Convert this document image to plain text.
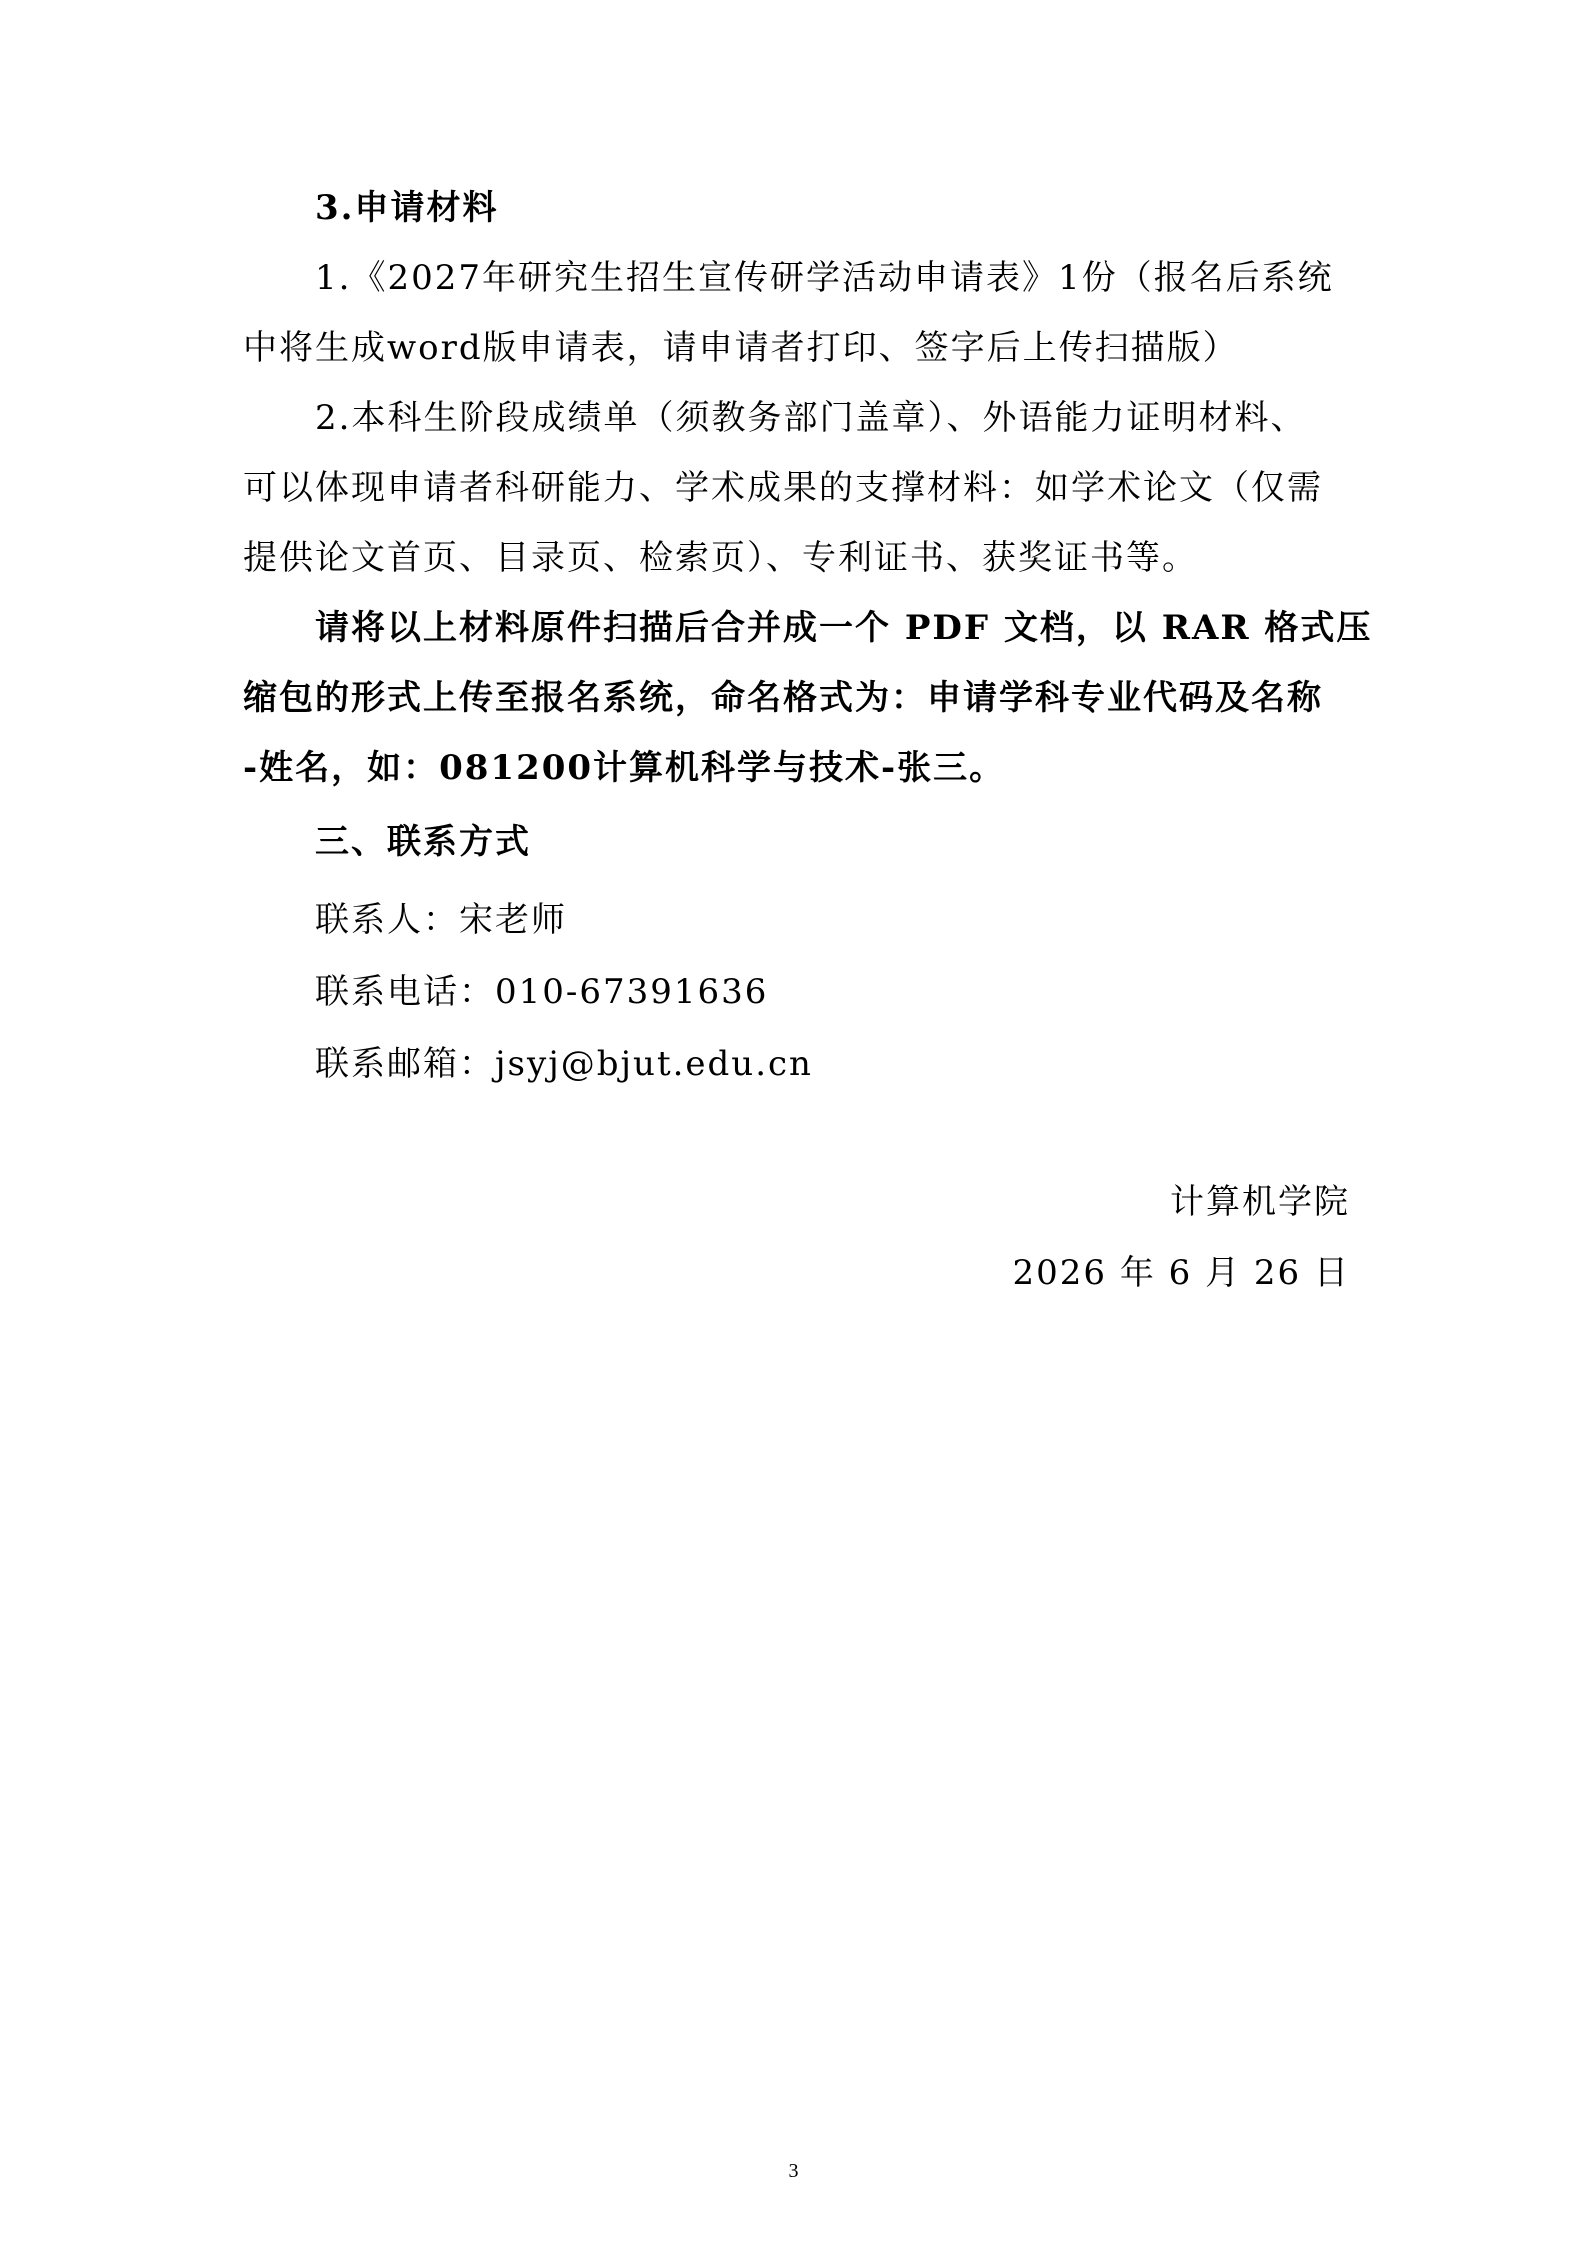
3.申请材料

1.《2027年研究生招生宣传研学活动申请表》1份（报名后系统

中将生成word版申请表，请申请者打印、签字后上传扫描版）

2.本科生阶段成绩单（须教务部门盖章）、外语能力证明材料、

可以体现申请者科研能力、学术成果的支撑材料：如学术论文（仅需

提供论文首页、目录页、检索页）、专利证书、获奖证书等。

请将以上材料原件扫描后合并成一个 PDF 文档，以 RAR 格式压

缩包的形式上传至报名系统，命名格式为：申请学科专业代码及名称

-姓名，如：081200计算机科学与技术-张三。

三、联系方式

联系人：宋老师

联系电话：010-67391636

联系邮箱：jsyj@bjut.edu.cn

计算机学院

2026 年 6 月 26 日

3
